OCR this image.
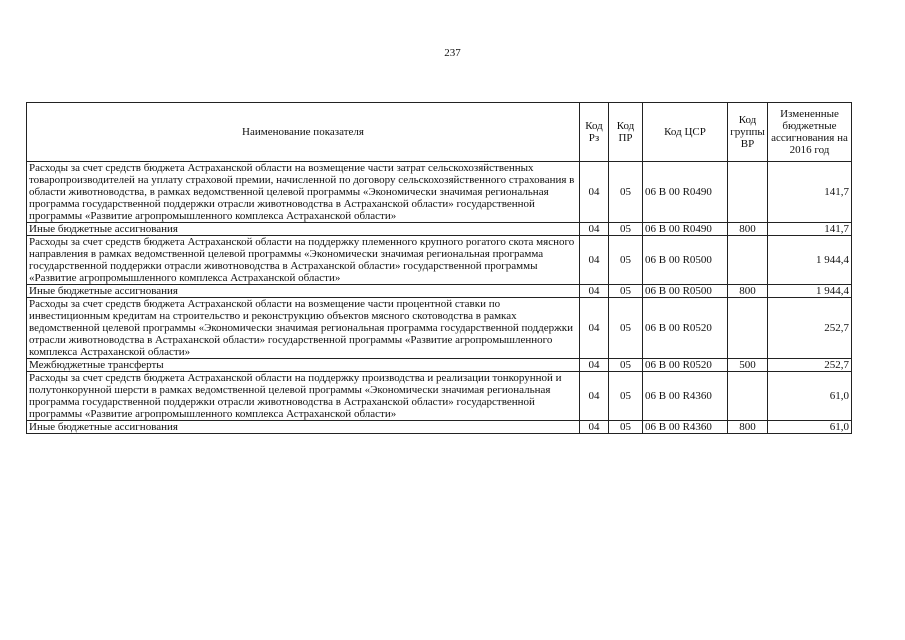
237
Наименование показателя	Код Рз	Код ПР	Код ЦСР	Код группы ВР	Измененные бюджетные ассигнования на 2016 год
Расходы за счет средств бюджета Астраханской области на возмещение части затрат сельскохозяйственных товаропроизводителей на уплату страховой премии, начисленной по договору сельскохозяйственного страхования в области животноводства, в рамках ведомственной целевой программы «Экономически значимая региональная программа государственной поддержки отрасли животноводства в Астраханской области» государственной программы «Развитие агропромышленного комплекса Астраханской области»	04	05	06 В 00 R0490		141,7
Иные бюджетные ассигнования	04	05	06 В 00 R0490	800	141,7
Расходы за счет средств бюджета Астраханской области на поддержку племенного крупного рогатого скота мясного направления в рамках ведомственной целевой программы «Экономически значимая региональная программа государственной поддержки отрасли животноводства в Астраханской области» государственной программы «Развитие агропромышленного комплекса Астраханской области»	04	05	06 В 00 R0500		1 944,4
Иные бюджетные ассигнования	04	05	06 В 00 R0500	800	1 944,4
Расходы за счет средств бюджета Астраханской области на возмещение части процентной ставки по инвестиционным кредитам на строительство и реконструкцию объектов мясного скотоводства в рамках ведомственной целевой программы «Экономически значимая региональная программа государственной поддержки отрасли животноводства в Астраханской области» государственной программы «Развитие агропромышленного комплекса Астраханской области»	04	05	06 В 00 R0520		252,7
Межбюджетные трансферты	04	05	06 В 00 R0520	500	252,7
Расходы за счет средств бюджета Астраханской области на поддержку производства и реализации тонкорунной и полутонкорунной шерсти в рамках ведомственной целевой программы «Экономически значимая региональная программа государственной поддержки отрасли животноводства в Астраханской области» государственной программы «Развитие агропромышленного комплекса Астраханской области»	04	05	06 В 00 R4360		61,0
Иные бюджетные ассигнования	04	05	06 В 00 R4360	800	61,0
